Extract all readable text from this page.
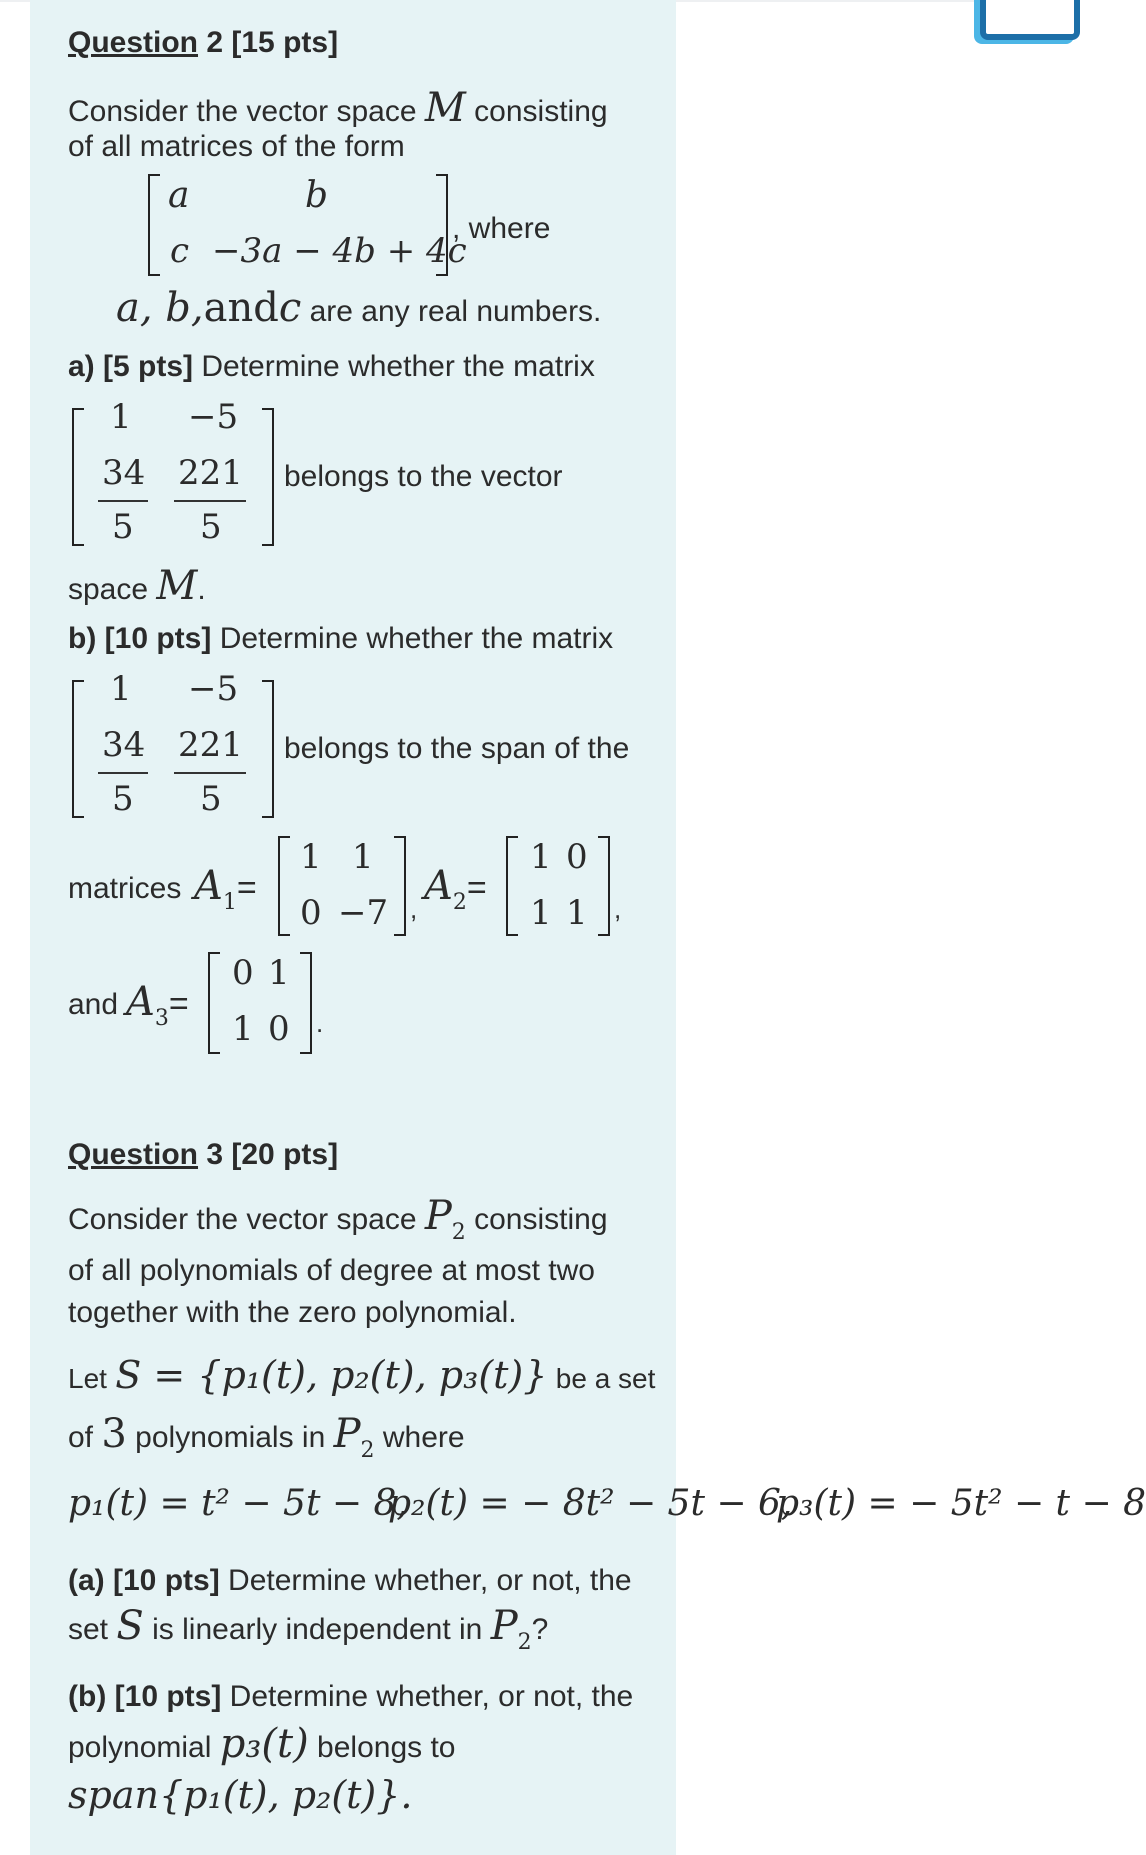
Question 2 [15 pts]
Consider the vector space M consisting
of all matrices of the form
a	b
c −3a − 4b + 4c
, where
a, b,andc are any real numbers.
a) [5 pts] Determine whether the matrix
1 −5
34
5
221
5
belongs to the vector
space M.
b) [10 pts] Determine whether the matrix
1 −5
34
5
221
5
belongs to the span of the
matrices $A_1=$
1 1
0 −7 , $A_2=$
1 0
1 1 ,
and $A_3=$
0 1
1 0 .
Question 3 [20 pts]
Consider the vector space $P_2$ consisting
of all polynomials of degree at most two
together with the zero polynomial.
Let S = {p₁(t), p₂(t), p₃(t)} be a set
of 3 polynomials in $P_2$ where
p₁(t) = t² − 5t − 8,
p₂(t) = − 8t² − 5t − 6,
p₃(t) = − 5t² − t − 8
(a) [10 pts] Determine whether, or not, the
set S is linearly independent in $P_2$?
(b) [10 pts] Determine whether, or not, the
polynomial p₃(t) belongs to
span{p₁(t), p₂(t)}.
